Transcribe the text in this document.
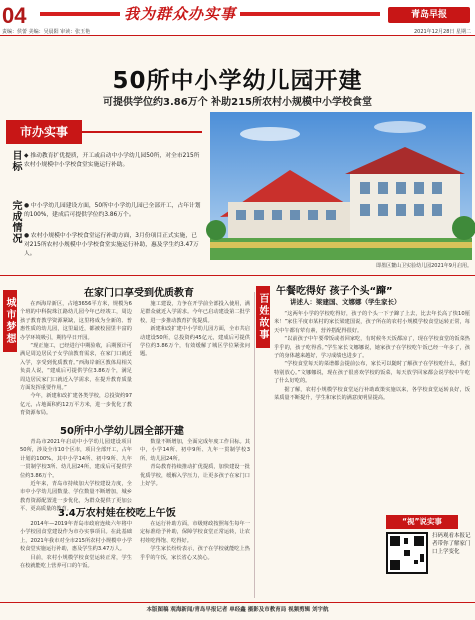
04	我为群众办实事	青岛早报
责编：侯蕾 美编：吴晨阳 审读：张玉艳	2021年12月28日 星期二
50所中小学幼儿园开建
可提供学位约3.86万个 补助215所农村小规模中小学校食堂
市办实事
目标 ◆ 推动教育扩优提质，开工或启动中小学幼儿园50所，对全市215所农村小规模中小学校食堂实施运行补助。
完成情况 ● 中小学幼儿园建设方面，50所中小学幼儿园已全部开工，占年计划的100%，建成后可提供学位约3.86万个。
● 农村小规模中小学校食堂运行补助方面，3月份项目正式实施，已对215所农村小规模中小学校食堂实施运行补助，惠及学生约3.47万人。
即墨区鳌山卫实验幼儿园2021年9月启用。
城市梦想	百姓故事
在家门口享受到优质教育

在西海岸新区，占地3656平方米，规模为6个班的中科院珠江路幼儿园今年已经竣工，周边孩子教育教学资源紧缺，这里将成为全新的、普惠性质的幼儿园，这里最近，都被校园里丰富的办学环境吸引，期待早日开园。

“现正施工，已经进行中期验收，后期预计可满足周边居民子女学前教育需求，在家门口就近入学，享受到优质教育。”西海岸新区教体局相关负责人说，“建成后可提供学位3.86万个，满足周边居民家门口就近入学需求，在提升教育质量方面发挥重要作用。”

今年，新建和改扩建各类学校，总投资约97亿元，占地面积约12万平方米，进一步优化了教育资源布局。

施工建设，力争在开学前全部投入使用，满足群众就近入学需求。今年已启动建设第二批学校，进一步推动教育扩优提质。

新建和改扩建中小学幼儿园方面，全市共启动建设50所，总投资约45亿元，建成后可提供学位约3.86万个，有效缓解了城区学位紧张问题。

50所中小学幼儿园全部开建

青岛市2021年启动中小学幼儿园建设项目50所，涉及全市10个区市，项目全部开工，占年计划的100%。其中小学14所、初中9所、九年一贯制学校3所、幼儿园24所，建成后可提供学位约3.86万个。

近年来，青岛市持续加大学校建设力度，全市中小学幼儿园数量、学位数量不断增加，城乡教育资源配置进一步优化，为群众提供了更加公平、更高质量的教育。

数量不断增加，全面完成年度工作目标。其中，小学14所、初中9所、九年一贯制学校3所、幼儿园24所。

青岛教育持续推动扩优提质，加快建设一批优质学校，缓解入学压力，让更多孩子在家门口上好学。

3.4万农村娃在校吃上午饭

2014年—2019年青岛市政府连续六年将中小学校园食堂建设作为市办实事项目。在此基础上，2021年我市对全市215所农村小规模中小学校食堂实施运行补助，惠及学生约3.47万人。

目前，农村小规模学校食堂运转正常，学生在校就能吃上营养可口的午饭。

在运行补助方面，市级财政按照每生每年一定标准给予补助，保障学校食堂正常运转，让农村娃吃得饱、吃得好。

学生家长纷纷表示，孩子在学校就能吃上热乎乎的午饭，家长省心又放心。

午餐吃得好 孩子个头“蹿”
讲述人：梁建国、文娜娜（学生家长）

“这两年小学的学校吃得好，孩子的个头一下子蹿了上去，比去年长高了快10厘米！”家住平度市某村的家长梁建国说，孩子所在的农村小规模学校食堂运转正常，每天中午都有荤有素，营养搭配得很好。

“以前孩子中午要带饭或者回家吃，有时候冬天饭都凉了，现在学校食堂的饭菜热乎乎的，孩子吃得香。”学生家长文娜娜说，她家孩子在学校吃午饭已经一年多了，孩子的身体越来越好，学习成绩也进步了。

“学校食堂每天的菜谱都会提前公布，家长可以随时了解孩子在学校吃什么，我们特别放心。”文娜娜说，现在孩子很喜欢学校的饭菜，每天放学回家都会说学校中午吃了什么好吃的。

据了解，农村小规模学校食堂运行补助政策实施以来，各学校食堂运转良好，饭菜质量不断提升，学生和家长的满意度明显提高。

“视”说实事
扫码观看本报记者带你了解家门口上学变化
本版图稿 观海新闻/青岛早报记者 单经鑫 摄影及市教育局 视频剪辑 刘宇航
